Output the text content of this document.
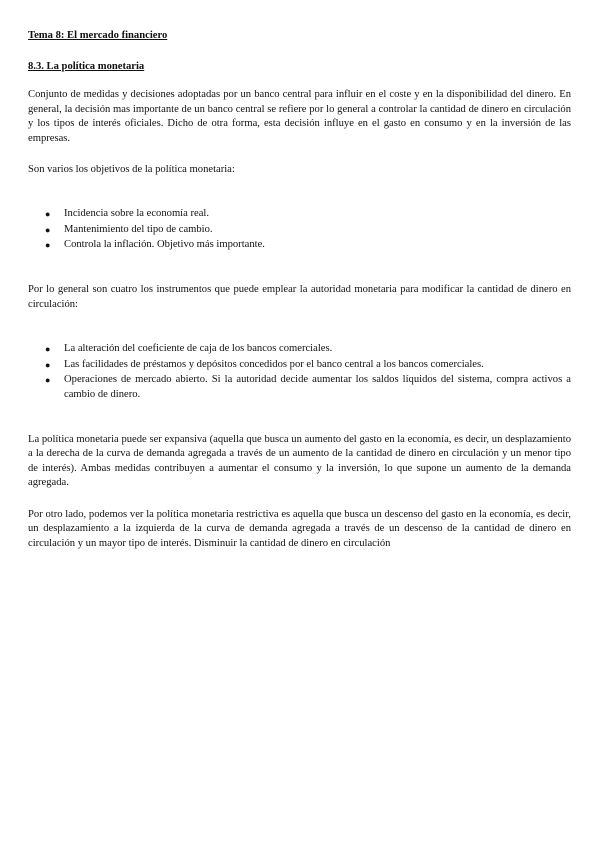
Tema 8: El mercado financiero

8.3. La política monetaria

Conjunto de medidas y decisiones adoptadas por un banco central para influir en el coste y en la disponibilidad del dinero. En general, la decisión mas importante de un banco central se refiere por lo general a controlar la cantidad de dinero en circulación y los tipos de interés oficiales. Dicho de otra forma, esta decisión influye en el gasto en consumo y en la inversión de las empresas.

Son varios los objetivos de la política monetaria:

● Incidencia sobre la economía real.
● Mantenimiento del tipo de cambio.
● Controla la inflación. Objetivo más importante.

Por lo general son cuatro los instrumentos que puede emplear la autoridad monetaria para modificar la cantidad de dinero en circulación:

● La alteración del coeficiente de caja de los bancos comerciales.
● Las facilidades de préstamos y depósitos concedidos por el banco central a los bancos comerciales.
● Operaciones de mercado abierto. Si la autoridad decide aumentar los saldos líquidos del sistema, compra activos a cambio de dinero.

La política monetaria puede ser expansiva (aquella que busca un aumento del gasto en la economía, es decir, un desplazamiento a la derecha de la curva de demanda agregada a través de un aumento de la cantidad de dinero en circulación y un menor tipo de interés). Ambas medidas contribuyen a aumentar el consumo y la inversión, lo que supone un aumento de la demanda agregada.

Por otro lado, podemos ver la política monetaria restrictiva es aquella que busca un descenso del gasto en la economía, es decir, un desplazamiento a la izquierda de la curva de demanda agregada a través de un descenso de la cantidad de dinero en circulación y un mayor tipo de interés. Disminuir la cantidad de dinero en circulación
